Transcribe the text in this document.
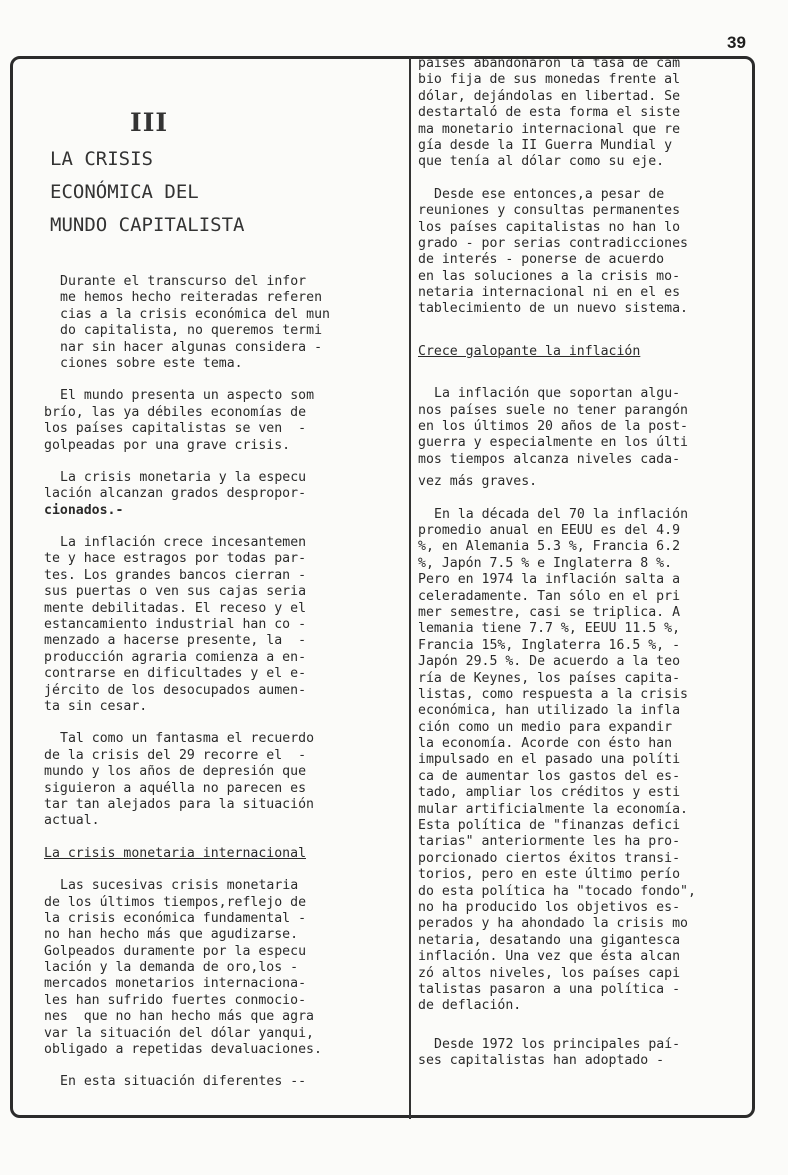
39
III
LA CRISIS
ECONÓMICA DEL
MUNDO CAPITALISTA
Durante el transcurso del infor
me hemos hecho reiteradas referen
cias a la crisis económica del mun
do capitalista, no queremos termi
nar sin hacer algunas considera -
ciones sobre este tema.
El mundo presenta un aspecto som
brío, las ya débiles economías de
los países capitalistas se ven  -
golpeadas por una grave crisis.
La crisis monetaria y la especu
lación alcanzan grados despropor-
cionados.-
La inflación crece incesantemen
te y hace estragos por todas par-
tes. Los grandes bancos cierran -
sus puertas o ven sus cajas seria
mente debilitadas. El receso y el
estancamiento industrial han co -
menzado a hacerse presente, la  -
producción agraria comienza a en-
contrarse en dificultades y el e-
jército de los desocupados aumen-
ta sin cesar.
Tal como un fantasma el recuerdo
de la crisis del 29 recorre el  -
mundo y los años de depresión que
siguieron a aquélla no parecen es
tar tan alejados para la situación
actual.
La crisis monetaria internacional
Las sucesivas crisis monetaria
de los últimos tiempos,reflejo de
la crisis económica fundamental -
no han hecho más que agudizarse.
Golpeados duramente por la especu
lación y la demanda de oro,los -
mercados monetarios internaciona-
les han sufrido fuertes conmocio-
nes  que no han hecho más que agra
var la situación del dólar yanqui,
obligado a repetidas devaluaciones.
En esta situación diferentes --
países abandonaron la tasa de cam
bio fija de sus monedas frente al
dólar, dejándolas en libertad. Se
destartaló de esta forma el siste
ma monetario internacional que re
gía desde la II Guerra Mundial y
que tenía al dólar como su eje.
Desde ese entonces,a pesar de
reuniones y consultas permanentes
los países capitalistas no han lo
grado - por serias contradicciones
de interés - ponerse de acuerdo
en las soluciones a la crisis mo-
netaria internacional ni en el es
tablecimiento de un nuevo sistema.
Crece galopante la inflación
La inflación que soportan algu-
nos países suele no tener parangón
en los últimos 20 años de la post-
guerra y especialmente en los últi
mos tiempos alcanza niveles cada-
vez más graves.
En la década del 70 la inflación
promedio anual en EEUU es del 4.9
%, en Alemania 5.3 %, Francia 6.2
%, Japón 7.5 % e Inglaterra 8 %.
Pero en 1974 la inflación salta a
celeradamente. Tan sólo en el pri
mer semestre, casi se triplica. A
lemania tiene 7.7 %, EEUU 11.5 %,
Francia 15%, Inglaterra 16.5 %, -
Japón 29.5 %. De acuerdo a la teo
ría de Keynes, los países capita-
listas, como respuesta a la crisis
económica, han utilizado la infla
ción como un medio para expandir
la economía. Acorde con ésto han
impulsado en el pasado una políti
ca de aumentar los gastos del es-
tado, ampliar los créditos y esti
mular artificialmente la economía.
Esta política de "finanzas defici
tarias" anteriormente les ha pro-
porcionado ciertos éxitos transi-
torios, pero en este último perío
do esta política ha "tocado fondo",
no ha producido los objetivos es-
perados y ha ahondado la crisis mo
netaria, desatando una gigantesca
inflación. Una vez que ésta alcan
zó altos niveles, los países capi
talistas pasaron a una política -
de deflación.
Desde 1972 los principales paí-
ses capitalistas han adoptado -
